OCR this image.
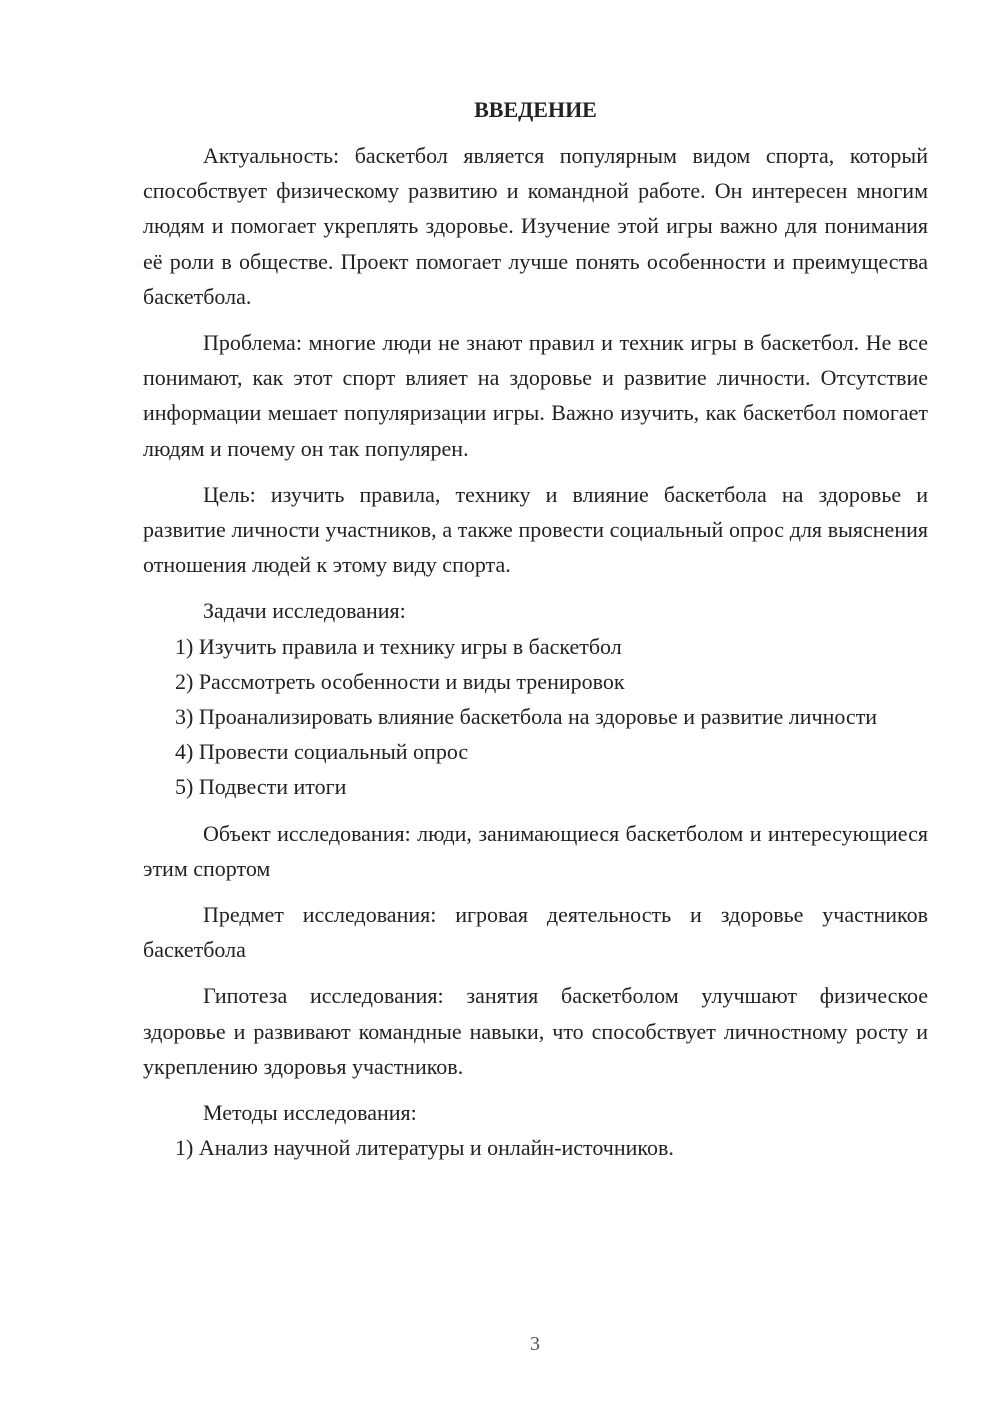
ВВЕДЕНИЕ

Актуальность: баскетбол является популярным видом спорта, который способствует физическому развитию и командной работе. Он интересен многим людям и помогает укреплять здоровье. Изучение этой игры важно для понимания её роли в обществе. Проект помогает лучше понять особенности и преимущества баскетбола.

Проблема: многие люди не знают правил и техник игры в баскетбол. Не все понимают, как этот спорт влияет на здоровье и развитие личности. Отсутствие информации мешает популяризации игры. Важно изучить, как баскетбол помогает людям и почему он так популярен.

Цель: изучить правила, технику и влияние баскетбола на здоровье и развитие личности участников, а также провести социальный опрос для выяснения отношения людей к этому виду спорта.

Задачи исследования:

1) Изучить правила и технику игры в баскетбол

2) Рассмотреть особенности и виды тренировок

3) Проанализировать влияние баскетбола на здоровье и развитие личности

4) Провести социальный опрос

5) Подвести итоги

Объект исследования: люди, занимающиеся баскетболом и интересующиеся этим спортом

Предмет исследования: игровая деятельность и здоровье участников баскетбола

Гипотеза исследования: занятия баскетболом улучшают физическое здоровье и развивают командные навыки, что способствует личностному росту и укреплению здоровья участников.

Методы исследования:

1) Анализ научной литературы и онлайн-источников.

3
